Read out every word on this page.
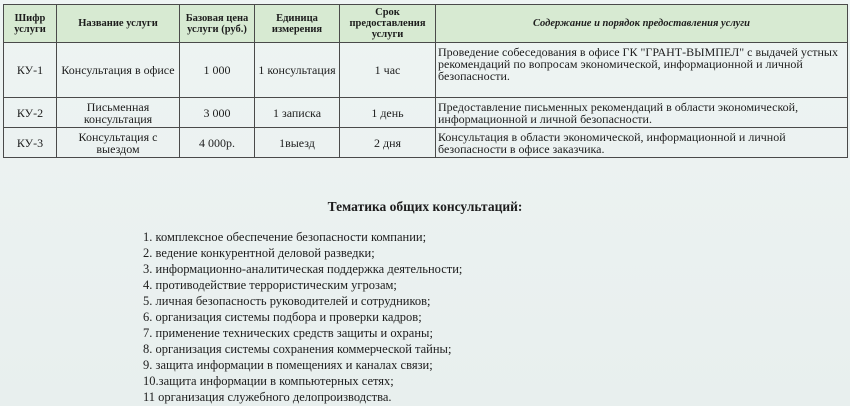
Шифр услуги	Название услуги	Базовая цена услуги (руб.)	Единица измерения	Срок предоставления услуги	Содержание и порядок предоставления услуги
КУ-1	Консультация в офисе	1 000	1 консультация	1 час	Проведение собеседования в офисе ГК "ГРАНТ-ВЫМПЕЛ" с выдачей устных рекомендаций по вопросам экономической, информационной и личной безопасности.
КУ-2	Письменная консультация	3 000	1 записка	1 день	Предоставление письменных рекомендаций в области экономической, информационной и личной безопасности.
КУ-3	Консультация с выездом	4 000р.	1выезд	2 дня	Консультация в области экономической, информационной и личной безопасности в офисе заказчика.
Тематика общих консультаций:
1. комплексное обеспечение безопасности компании;
2. ведение конкурентной деловой разведки;
3. информационно-аналитическая поддержка деятельности;
4. противодействие террористическим угрозам;
5. личная безопасность руководителей и сотрудников;
6. организация системы подбора и проверки кадров;
7. применение технических средств защиты и охраны;
8. организация системы сохранения коммерческой тайны;
9. защита информации в помещениях и каналах связи;
10.защита информации в компьютерных сетях;
11 организация служебного делопроизводства.
